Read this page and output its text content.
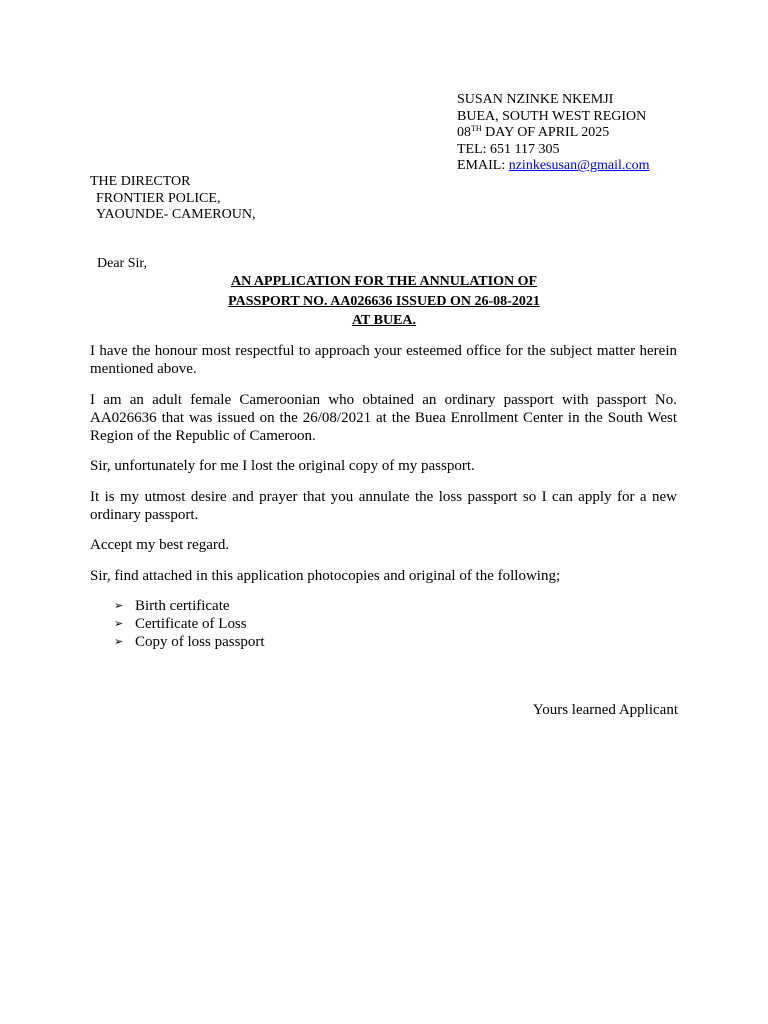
SUSAN NZINKE NKEMJI
BUEA, SOUTH WEST REGION
08TH DAY OF APRIL 2025
TEL: 651 117 305
EMAIL: nzinkesusan@gmail.com
THE DIRECTOR
FRONTIER POLICE,
YAOUNDE- CAMEROUN,
Dear Sir,
AN APPLICATION FOR THE ANNULATION OF
PASSPORT NO. AA026636 ISSUED ON 26-08-2021
AT BUEA.

I have the honour most respectful to approach your esteemed office for the subject matter herein mentioned above.

I am an adult female Cameroonian who obtained an ordinary passport with passport No. AA026636 that was issued on the 26/08/2021 at the Buea Enrollment Center in the South West Region of the Republic of Cameroon.

Sir, unfortunately for me I lost the original copy of my passport.

It is my utmost desire and prayer that you annulate the loss passport so I can apply for a new ordinary passport.

Accept my best regard.

Sir, find attached in this application photocopies and original of the following;

➢ Birth certificate
➢ Certificate of Loss
➢ Copy of loss passport
Yours learned Applicant
